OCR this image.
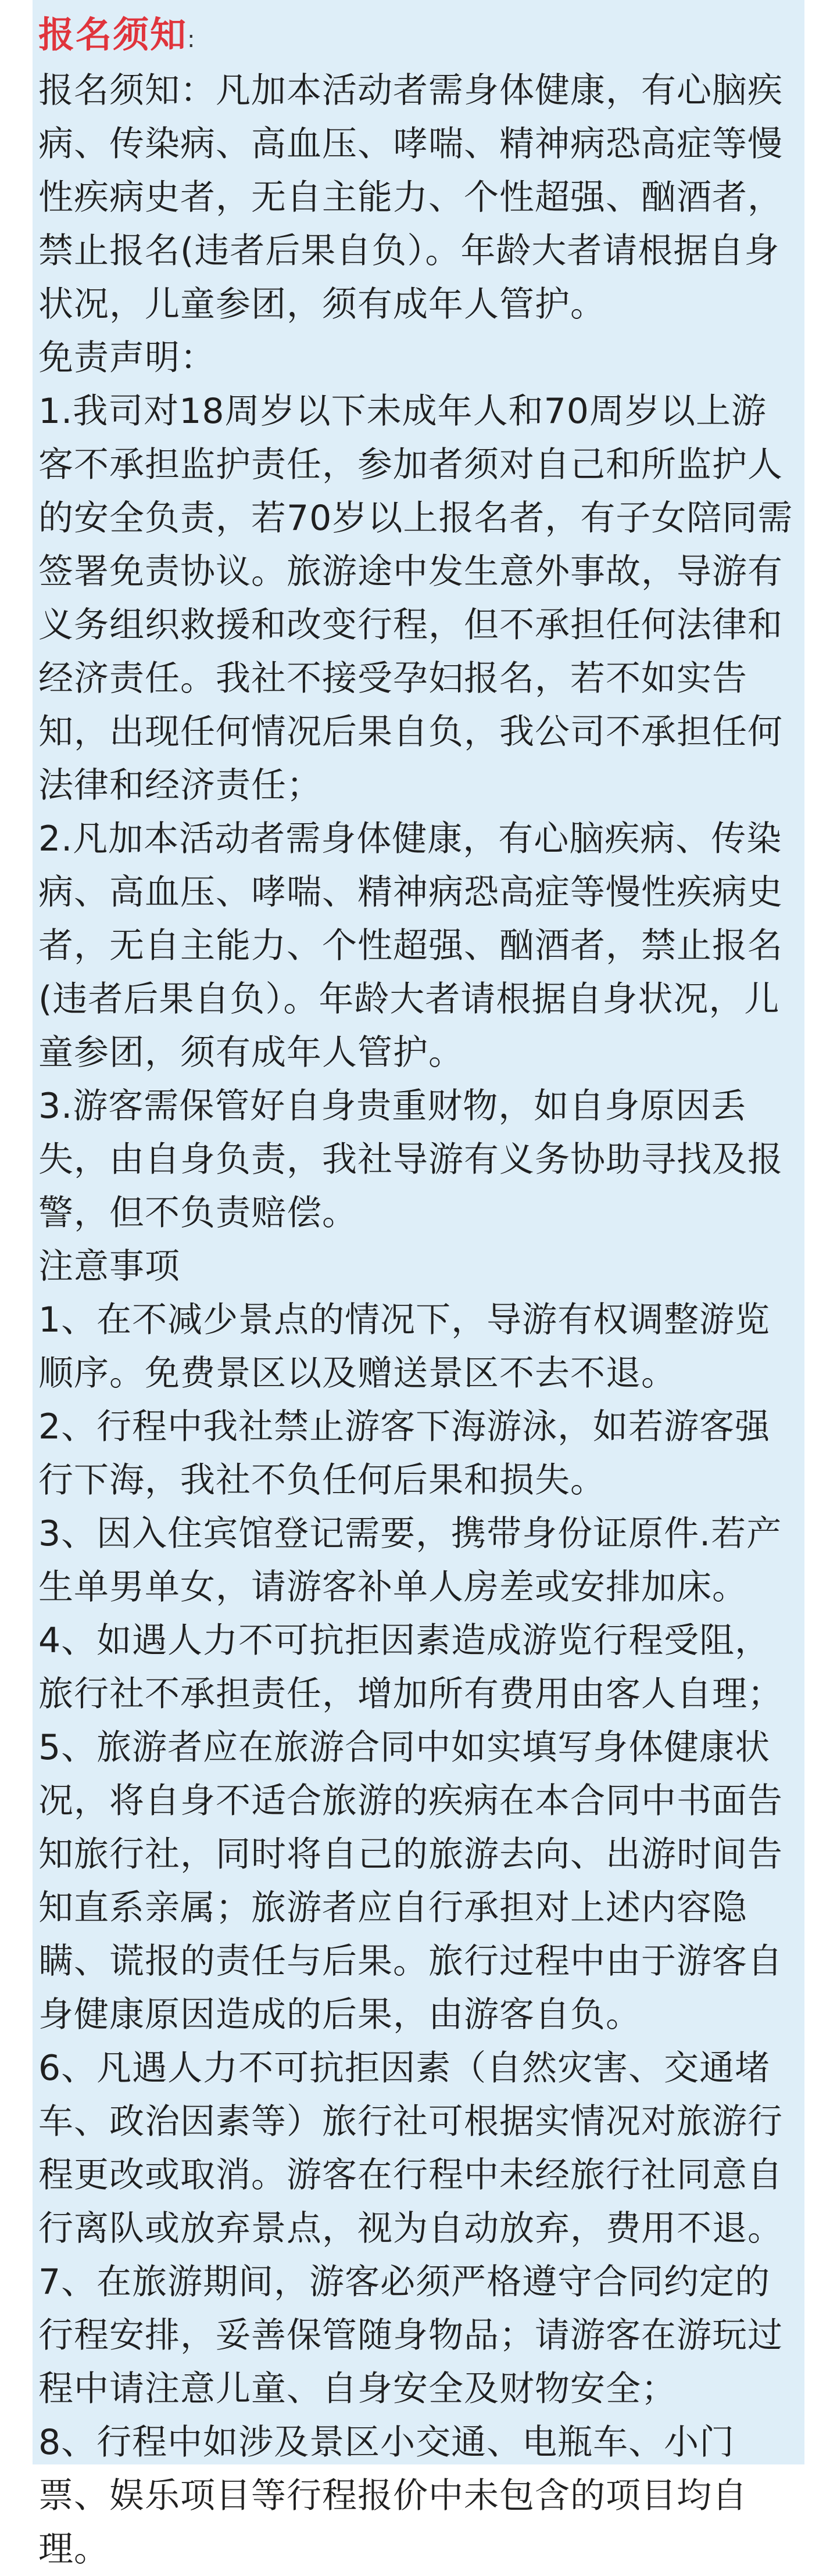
报名须知:

报名须知：凡加本活动者需身体健康，有心脑疾病、传染病、高血压、哮喘、精神病恐高症等慢性疾病史者，无自主能力、个性超强、酗酒者，禁止报名(违者后果自负）。年龄大者请根据自身状况，儿童参团，须有成年人管护。

免责声明：

1.我司对18周岁以下未成年人和70周岁以上游客不承担监护责任，参加者须对自己和所监护人的安全负责，若70岁以上报名者，有子女陪同需签署免责协议。旅游途中发生意外事故，导游有义务组织救援和改变行程，但不承担任何法律和经济责任。我社不接受孕妇报名，若不如实告知，出现任何情况后果自负，我公司不承担任何法律和经济责任；

2.凡加本活动者需身体健康，有心脑疾病、传染病、高血压、哮喘、精神病恐高症等慢性疾病史者，无自主能力、个性超强、酗酒者，禁止报名(违者后果自负）。年龄大者请根据自身状况，儿童参团，须有成年人管护。

3.游客需保管好自身贵重财物，如自身原因丢失，由自身负责，我社导游有义务协助寻找及报警，但不负责赔偿。

注意事项

1、在不减少景点的情况下，导游有权调整游览顺序。免费景区以及赠送景区不去不退。

2、行程中我社禁止游客下海游泳，如若游客强行下海，我社不负任何后果和损失。

3、因入住宾馆登记需要，携带身份证原件.若产生单男单女，请游客补单人房差或安排加床。

4、如遇人力不可抗拒因素造成游览行程受阻，旅行社不承担责任，增加所有费用由客人自理；

5、旅游者应在旅游合同中如实填写身体健康状况，将自身不适合旅游的疾病在本合同中书面告知旅行社，同时将自己的旅游去向、出游时间告知直系亲属；旅游者应自行承担对上述内容隐瞒、谎报的责任与后果。旅行过程中由于游客自身健康原因造成的后果，由游客自负。

6、凡遇人力不可抗拒因素（自然灾害、交通堵车、政治因素等）旅行社可根据实情况对旅游行程更改或取消。游客在行程中未经旅行社同意自行离队或放弃景点，视为自动放弃，费用不退。

7、在旅游期间，游客必须严格遵守合同约定的行程安排，妥善保管随身物品；请游客在游玩过程中请注意儿童、自身安全及财物安全；

8、行程中如涉及景区小交通、电瓶车、小门票、娱乐项目等行程报价中未包含的项目均自理。
